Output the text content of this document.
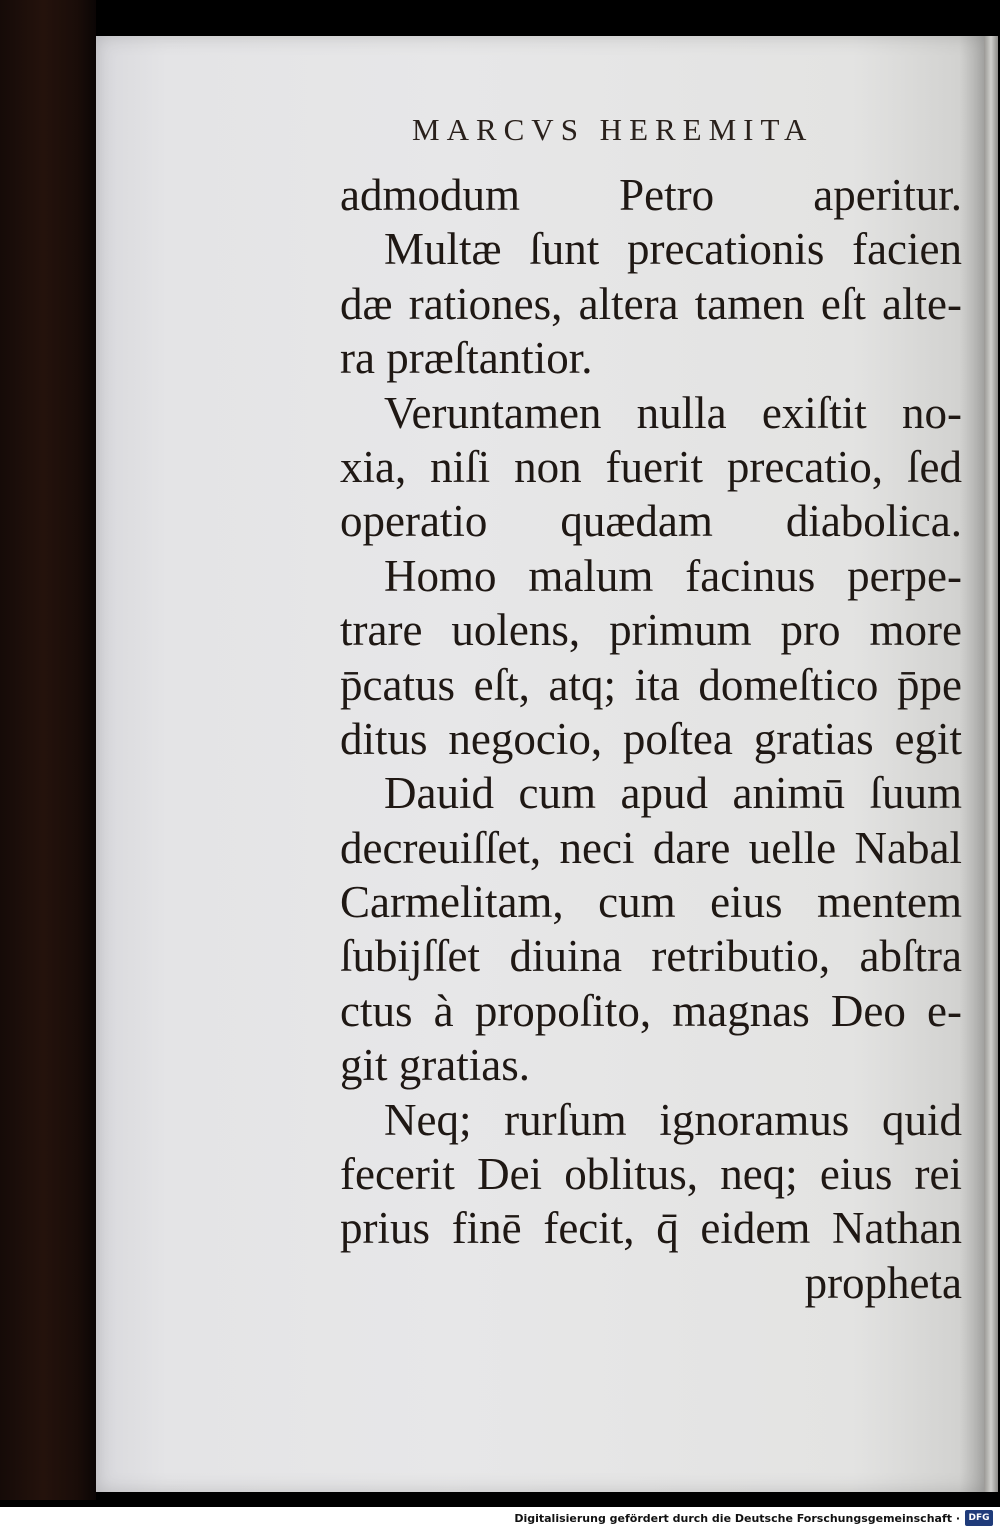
MARCVS HEREMITA
admodum Petro aperitur.
Multæ ſunt precationis facien
dæ rationes, altera tamen eſt alte-
ra præſtantior.
Veruntamen nulla exiſtit no-
xia, niſi non fuerit precatio, ſed
operatio quædam diabolica.
Homo malum facinus perpe-
trare uolens, primum pro more
p̄catus eſt, atq; ita domeſtico p̄pe
ditus negocio, poſtea gratias egit
Dauid cum apud animū ſuum
decreuiſſet, neci dare uelle Nabal
Carmelitam, cum eius mentem
ſubijſſet diuina retributio, abſtra
ctus à propoſito, magnas Deo e-
git gratias.
Neq; rurſum ignoramus quid
fecerit Dei oblitus, neq; eius rei
prius finē fecit, q̄ eidem Nathan
propheta
Digitalisierung gefördert durch die Deutsche Forschungsgemeinschaft · DFG
